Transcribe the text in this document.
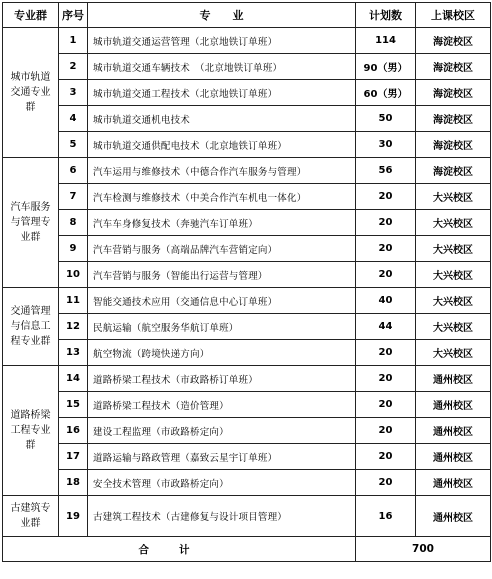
专业群	序号	专　　业	计划数	上课校区
城市轨道交通专业群	1	城市轨道交通运营管理（北京地铁订单班）	114	海淀校区
	2	城市轨道交通车辆技术　（北京地铁订单班）	90（男）	海淀校区
	3	城市轨道交通工程技术（北京地铁订单班）	60（男）	海淀校区
	4	城市轨道交通机电技术	50	海淀校区
	5	城市轨道交通供配电技术（北京地铁订单班）	30	海淀校区
汽车服务与管理专业群	6	汽车运用与维修技术（中德合作汽车服务与管理）	56	海淀校区
	7	汽车检测与维修技术（中美合作汽车机电一体化）	20	大兴校区
	8	汽车车身修复技术（奔驰汽车订单班）	20	大兴校区
	9	汽车营销与服务（高端品牌汽车营销定向）	20	大兴校区
	10	汽车营销与服务（智能出行运营与管理）	20	大兴校区
交通管理与信息工程专业群	11	智能交通技术应用（交通信息中心订单班）	40	大兴校区
	12	民航运输（航空服务华航订单班）	44	大兴校区
	13	航空物流（跨境快递方向）	20	大兴校区
道路桥梁工程专业群	14	道路桥梁工程技术（市政路桥订单班）	20	通州校区
	15	道路桥梁工程技术（造价管理）	20	通州校区
	16	建设工程监理（市政路桥定向）	20	通州校区
	17	道路运输与路政管理（嘉致云星宇订单班）	20	通州校区
	18	安全技术管理（市政路桥定向）	20	通州校区
古建筑专业群	19	古建筑工程技术（古建修复与设计项目管理）	16	通州校区
合计			700	
